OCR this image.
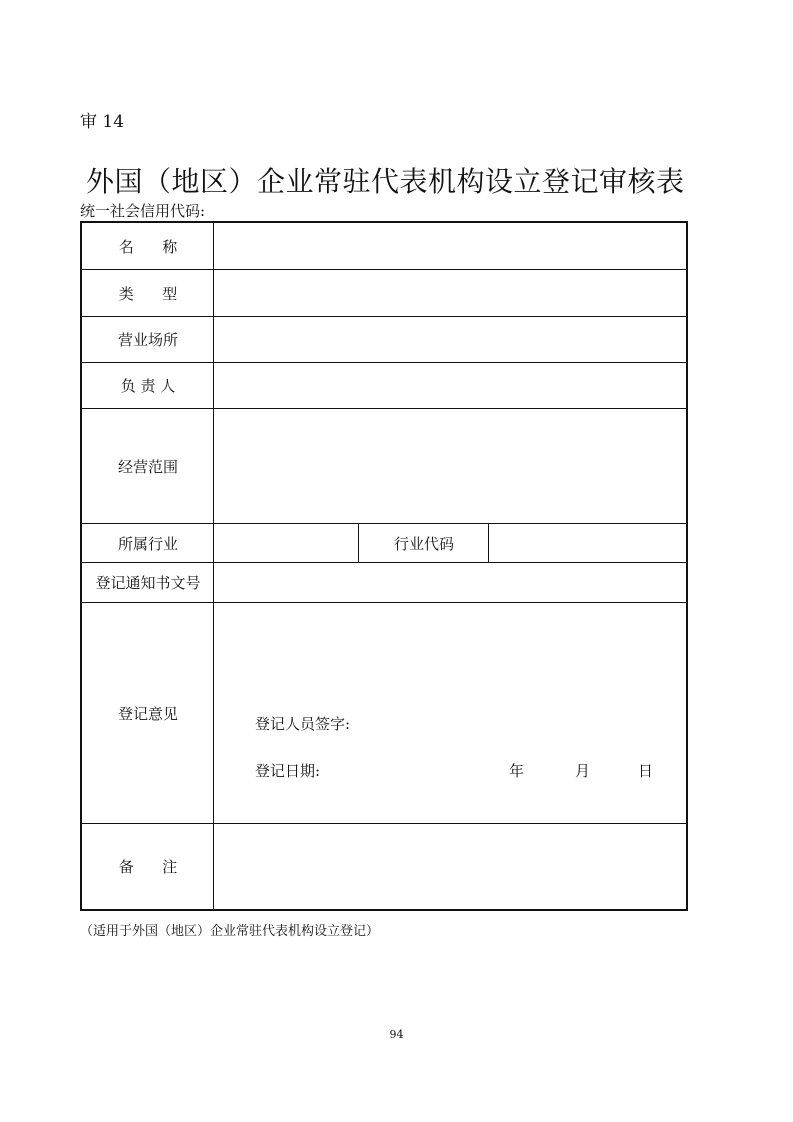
审 14
外国（地区）企业常驻代表机构设立登记审核表
统一社会信用代码:
名      称
类      型
营业场所
负 责 人
经营范围
所属行业	行业代码
登记通知书文号
登记意见
登记人员签字:
登记日期:	年	月	日
备      注
（适用于外国（地区）企业常驻代表机构设立登记）
94
